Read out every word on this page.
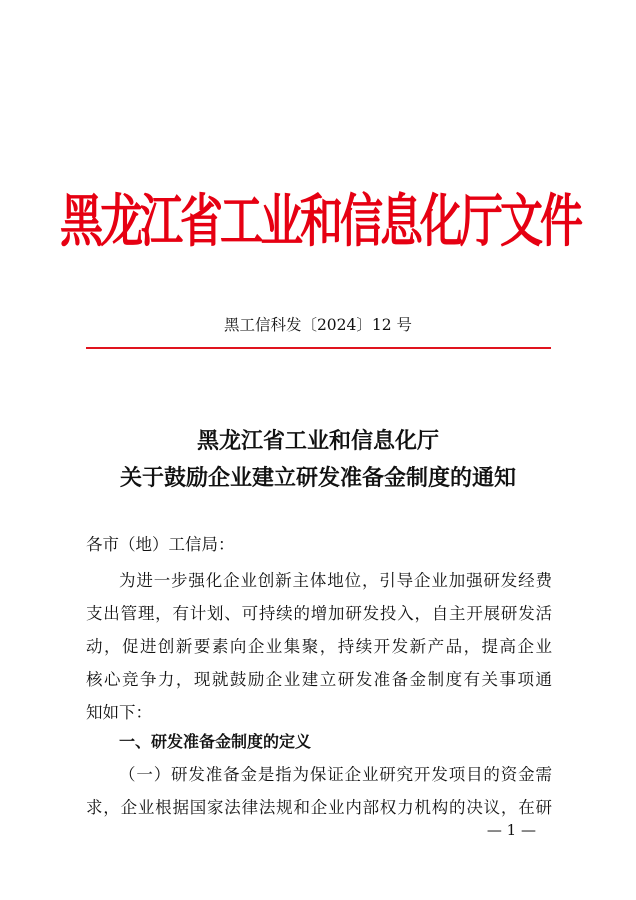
黑龙江省工业和信息化厅文件
黑工信科发〔2024〕12 号
黑龙江省工业和信息化厅
关于鼓励企业建立研发准备金制度的通知
各市（地）工信局：
为进一步强化企业创新主体地位，引导企业加强研发经费
支出管理，有计划、可持续的增加研发投入，自主开展研发活
动，促进创新要素向企业集聚，持续开发新产品，提高企业
核心竞争力，现就鼓励企业建立研发准备金制度有关事项通
知如下：
一、研发准备金制度的定义
（一）研发准备金是指为保证企业研究开发项目的资金需
求，企业根据国家法律法规和企业内部权力机构的决议，在研
— 1 —
